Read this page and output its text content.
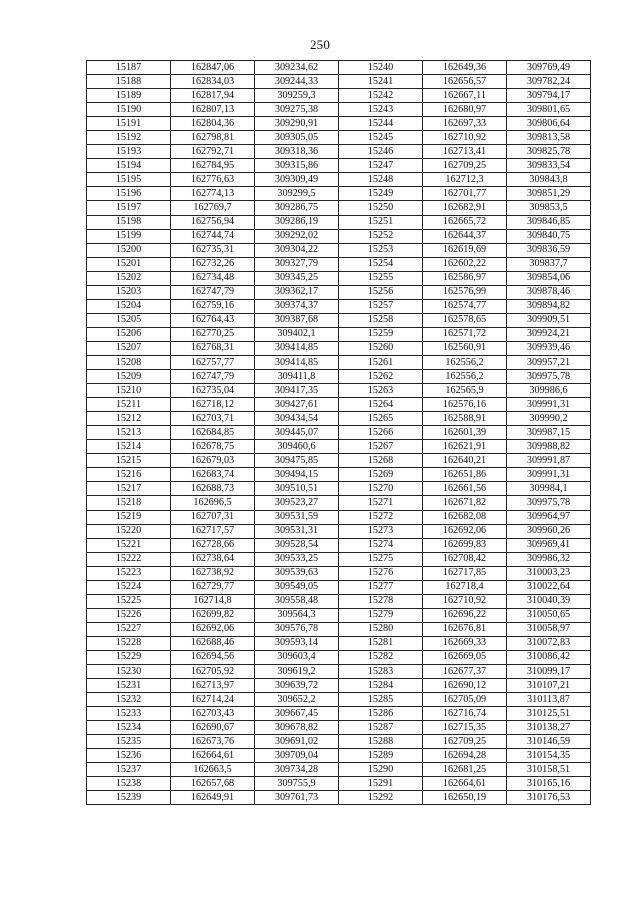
250
15187	162847,06	309234,62	15240	162649,36	309769,49
15188	162834,03	309244,33	15241	162656,57	309782,24
15189	162817,94	309259,3	15242	162667,11	309794,17
15190	162807,13	309275,38	15243	162680,97	309801,65
15191	162804,36	309290,91	15244	162697,33	309806,64
15192	162798,81	309305,05	15245	162710,92	309813,58
15193	162792,71	309318,36	15246	162713,41	309825,78
15194	162784,95	309315,86	15247	162709,25	309833,54
15195	162776,63	309309,49	15248	162712,3	309843,8
15196	162774,13	309299,5	15249	162701,77	309851,29
15197	162769,7	309286,75	15250	162682,91	309853,5
15198	162756,94	309286,19	15251	162665,72	309846,85
15199	162744,74	309292,02	15252	162644,37	309840,75
15200	162735,31	309304,22	15253	162619,69	309836,59
15201	162732,26	309327,79	15254	162602,22	309837,7
15202	162734,48	309345,25	15255	162586,97	309854,06
15203	162747,79	309362,17	15256	162576,99	309878,46
15204	162759,16	309374,37	15257	162574,77	309894,82
15205	162764,43	309387,68	15258	162578,65	309909,51
15206	162770,25	309402,1	15259	162571,72	309924,21
15207	162768,31	309414,85	15260	162560,91	309939,46
15208	162757,77	309414,85	15261	162556,2	309957,21
15209	162747,79	309411,8	15262	162556,2	309975,78
15210	162735,04	309417,35	15263	162565,9	309986,6
15211	162718,12	309427,61	15264	162576,16	309991,31
15212	162703,71	309434,54	15265	162588,91	309990,2
15213	162684,85	309445,07	15266	162601,39	309987,15
15214	162678,75	309460,6	15267	162621,91	309988,82
15215	162679,03	309475,85	15268	162640,21	309991,87
15216	162683,74	309494,15	15269	162651,86	309991,31
15217	162688,73	309510,51	15270	162661,56	309984,1
15218	162696,5	309523,27	15271	162671,82	309975,78
15219	162707,31	309531,59	15272	162682,08	309964,97
15220	162717,57	309531,31	15273	162692,06	309960,26
15221	162728,66	309528,54	15274	162699,83	309969,41
15222	162738,64	309533,25	15275	162708,42	309986,32
15223	162738,92	309539,63	15276	162717,85	310003,23
15224	162729,77	309549,05	15277	162718,4	310022,64
15225	162714,8	309558,48	15278	162710,92	310040,39
15226	162699,82	309564,3	15279	162696,22	310050,65
15227	162692,06	309576,78	15280	162676,81	310058,97
15228	162688,46	309593,14	15281	162669,33	310072,83
15229	162694,56	309603,4	15282	162669,05	310086,42
15230	162705,92	309619,2	15283	162677,37	310099,17
15231	162713,97	309639,72	15284	162690,12	310107,21
15232	162714,24	309652,2	15285	162705,09	310113,87
15233	162703,43	309667,45	15286	162716,74	310125,51
15234	162690,67	309678,82	15287	162715,35	310138,27
15235	162673,76	309691,02	15288	162709,25	310146,59
15236	162664,61	309709,04	15289	162694,28	310154,35
15237	162663,5	309734,28	15290	162681,25	310158,51
15238	162657,68	309755,9	15291	162664,61	310165,16
15239	162649,91	309761,73	15292	162650,19	310176,53
